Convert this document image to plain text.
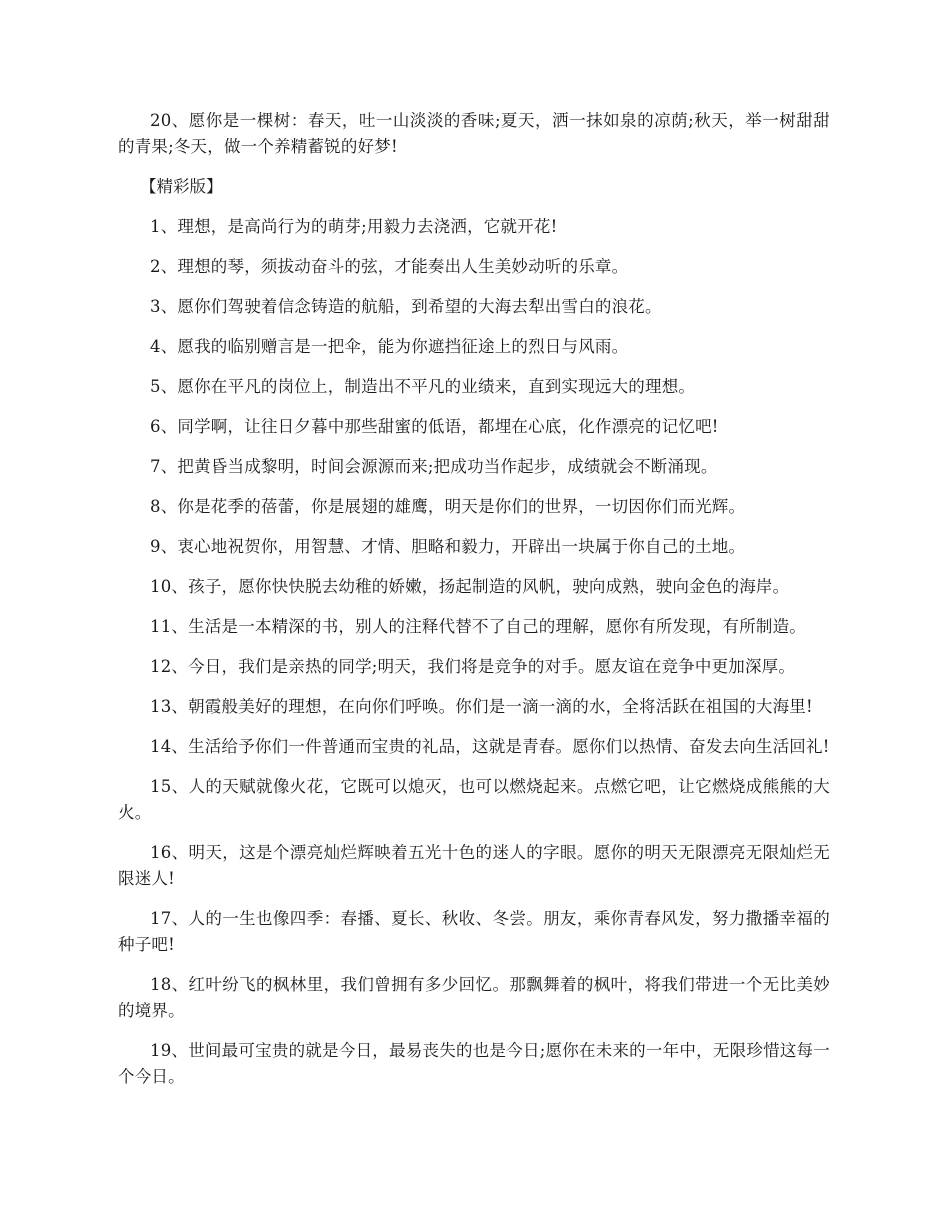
20、愿你是一棵树：春天，吐一山淡淡的香味;夏天，洒一抹如泉的凉荫;秋天，举一树甜甜的青果;冬天，做一个养精蓄锐的好梦!

【精彩版】

1、理想，是高尚行为的萌芽;用毅力去浇洒，它就开花!

2、理想的琴，须拔动奋斗的弦，才能奏出人生美妙动听的乐章。

3、愿你们驾驶着信念铸造的航船，到希望的大海去犁出雪白的浪花。

4、愿我的临别赠言是一把伞，能为你遮挡征途上的烈日与风雨。

5、愿你在平凡的岗位上，制造出不平凡的业绩来，直到实现远大的理想。

6、同学啊，让往日夕暮中那些甜蜜的低语，都埋在心底，化作漂亮的记忆吧!

7、把黄昏当成黎明，时间会源源而来;把成功当作起步，成绩就会不断涌现。

8、你是花季的蓓蕾，你是展翅的雄鹰，明天是你们的世界，一切因你们而光辉。

9、衷心地祝贺你，用智慧、才情、胆略和毅力，开辟出一块属于你自己的土地。

10、孩子，愿你快快脱去幼稚的娇嫩，扬起制造的风帆，驶向成熟，驶向金色的海岸。

11、生活是一本精深的书，别人的注释代替不了自己的理解，愿你有所发现，有所制造。

12、今日，我们是亲热的同学;明天，我们将是竞争的对手。愿友谊在竞争中更加深厚。

13、朝霞般美好的理想，在向你们呼唤。你们是一滴一滴的水，全将活跃在祖国的大海里!

14、生活给予你们一件普通而宝贵的礼品，这就是青春。愿你们以热情、奋发去向生活回礼!

15、人的天赋就像火花，它既可以熄灭，也可以燃烧起来。点燃它吧，让它燃烧成熊熊的大火。

16、明天，这是个漂亮灿烂辉映着五光十色的迷人的字眼。愿你的明天无限漂亮无限灿烂无限迷人!

17、人的一生也像四季：春播、夏长、秋收、冬尝。朋友，乘你青春风发，努力撒播幸福的种子吧!

18、红叶纷飞的枫林里，我们曾拥有多少回忆。那飘舞着的枫叶，将我们带进一个无比美妙的境界。

19、世间最可宝贵的就是今日，最易丧失的也是今日;愿你在未来的一年中，无限珍惜这每一个今日。
